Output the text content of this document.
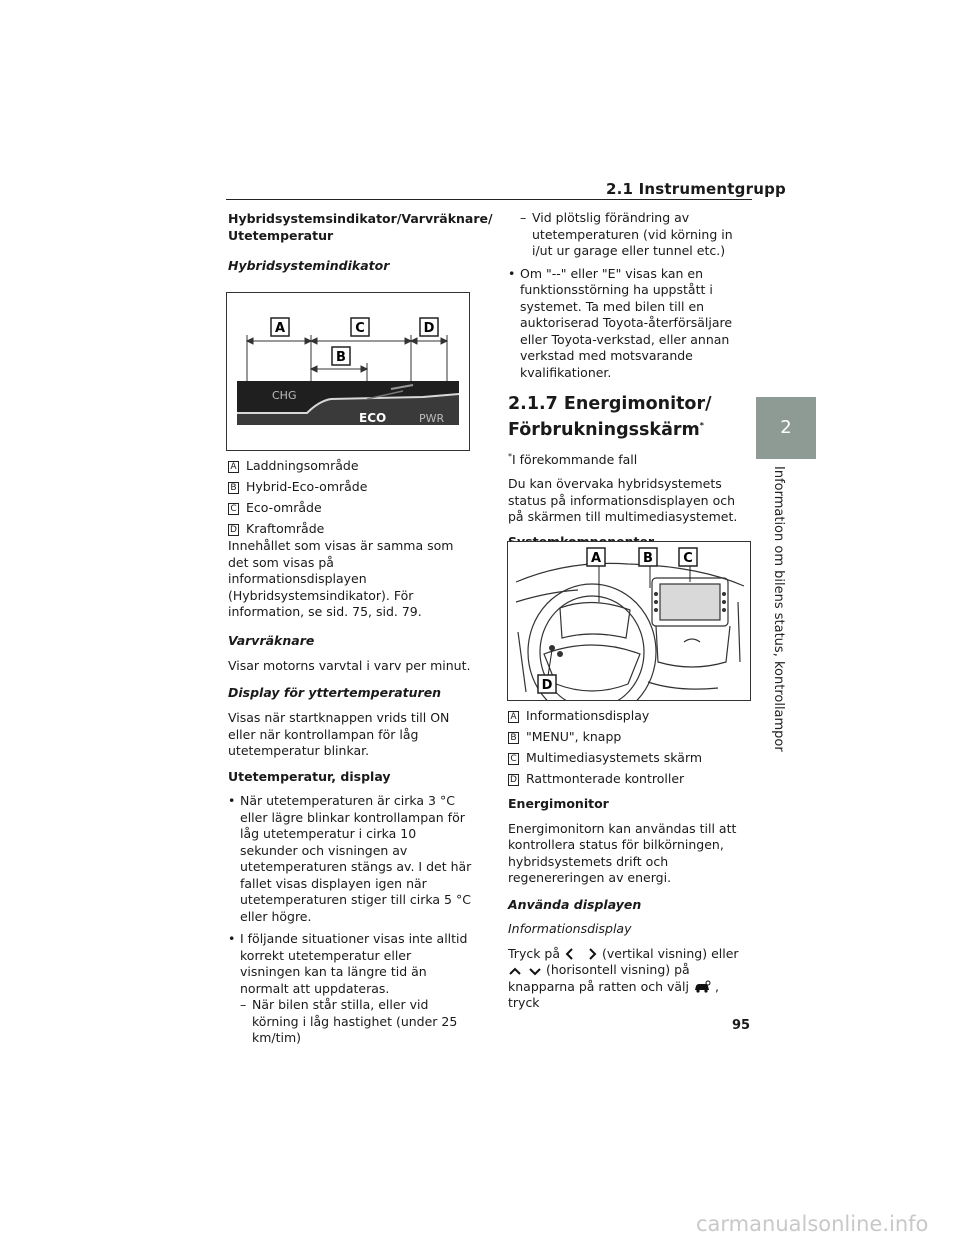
2.1 Instrumentgrupp
2
Information om bilens status, kontrollampor

Hybridsystemsindikator/Varvräknare/ Utetemperatur

Hybridsystemindikator

A	C	D
B
CHG
ECO	PWR
A Laddningsområde
B Hybrid-Eco-område
C Eco-område
D Kraftområde

Innehållet som visas är samma som det som visas på informationsdisplayen (Hybridsystemsindikator). För information, se sid. 75, sid. 79.

Varvräknare

Visar motorns varvtal i varv per minut.

Display för yttertemperaturen

Visas när startknappen vrids till ON eller när kontrollampan för låg utetemperatur blinkar.

Utetemperatur, display

• När utetemperaturen är cirka 3 °C eller lägre blinkar kontrollampan för låg utetemperatur i cirka 10 sekunder och visningen av utetemperaturen stängs av. I det här fallet visas displayen igen när utetemperaturen stiger till cirka 5 °C eller högre.

• I följande situationer visas inte alltid korrekt utetemperatur eller visningen kan ta längre tid än normalt att uppdateras.

– När bilen står stilla, eller vid körning i låg hastighet (under 25 km/tim)

– Vid plötslig förändring av utetemperaturen (vid körning in i/ut ur garage eller tunnel etc.)

• Om "--" eller "E" visas kan en funktionsstörning ha uppstått i systemet. Ta med bilen till en auktoriserad Toyota-återförsäljare eller Toyota-verkstad, eller annan verkstad med motsvarande kvalifikationer.

2.1.7 Energimonitor/
Förbrukningsskärm*

*I förekommande fall

Du kan övervaka hybridsystemets status på informationsdisplayen och på skärmen till multimediasystemet.

A	B C
D
A Informationsdisplay
B "MENU", knapp
C Multimediasystemets skärm
D Rattmonterade kontroller

Energimonitor

Energimonitorn kan användas till att kontrollera status för bilkörningen, hybridsystemets drift och regenereringen av energi.

Använda displayen

Informationsdisplay

Tryck på	(vertikal visning) eller
(horisontell visning) på
knapparna på ratten och välj , tryck

95
carmanualsonline.info
